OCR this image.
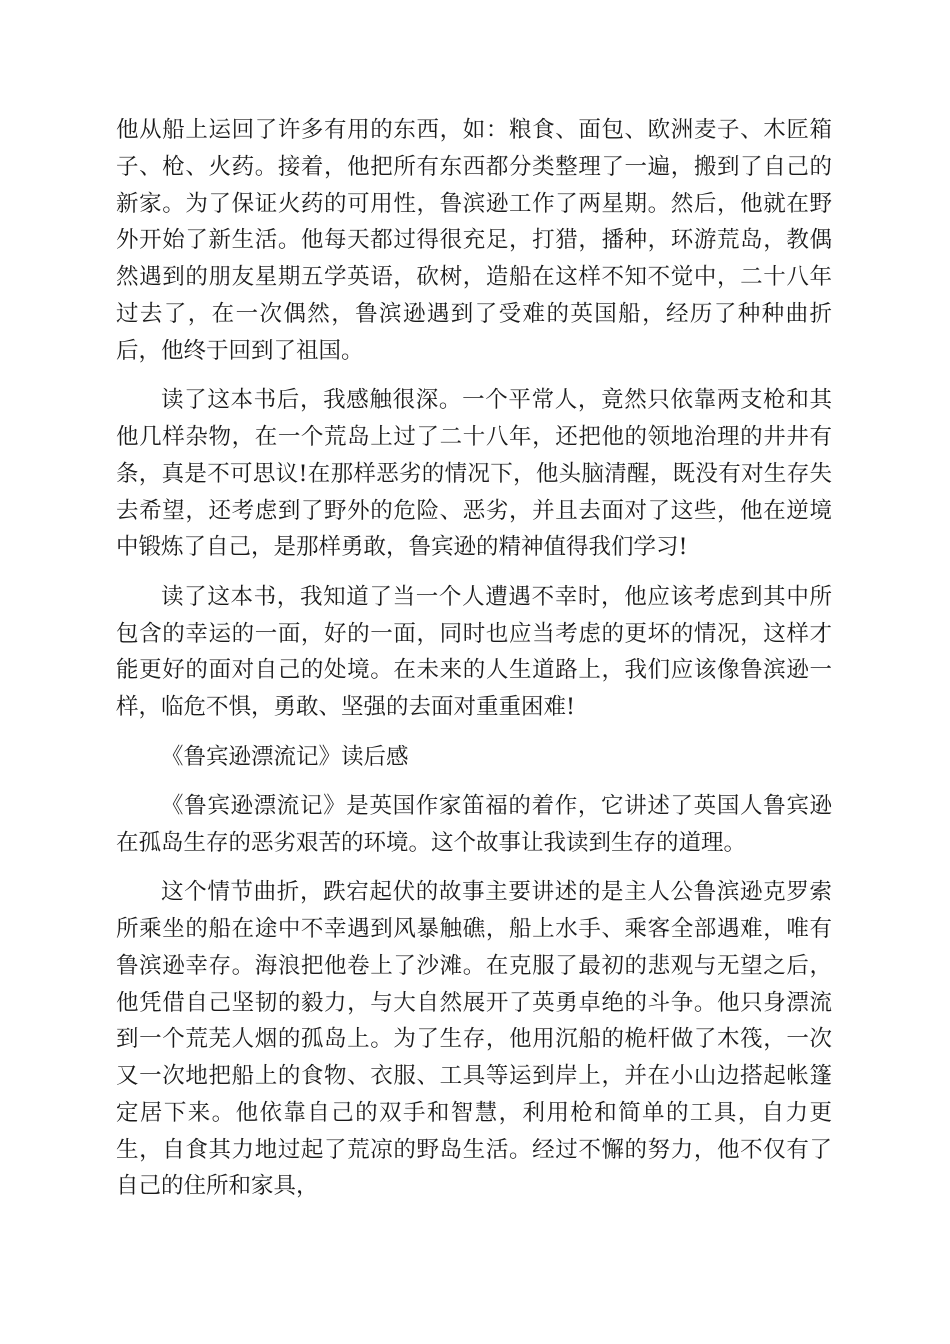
他从船上运回了许多有用的东西，如：粮食、面包、欧洲麦子、木匠箱子、枪、火药。接着，他把所有东西都分类整理了一遍，搬到了自己的新家。为了保证火药的可用性，鲁滨逊工作了两星期。然后，他就在野外开始了新生活。他每天都过得很充足，打猎，播种，环游荒岛，教偶然遇到的朋友星期五学英语，砍树，造船在这样不知不觉中，二十八年过去了，在一次偶然，鲁滨逊遇到了受难的英国船，经历了种种曲折后，他终于回到了祖国。

读了这本书后，我感触很深。一个平常人，竟然只依靠两支枪和其他几样杂物，在一个荒岛上过了二十八年，还把他的领地治理的井井有条，真是不可思议!在那样恶劣的情况下，他头脑清醒，既没有对生存失去希望，还考虑到了野外的危险、恶劣，并且去面对了这些，他在逆境中锻炼了自己，是那样勇敢，鲁宾逊的精神值得我们学习!

读了这本书，我知道了当一个人遭遇不幸时，他应该考虑到其中所包含的幸运的一面，好的一面，同时也应当考虑的更坏的情况，这样才能更好的面对自己的处境。在未来的人生道路上，我们应该像鲁滨逊一样，临危不惧，勇敢、坚强的去面对重重困难!

《鲁宾逊漂流记》读后感

《鲁宾逊漂流记》是英国作家笛福的着作，它讲述了英国人鲁宾逊在孤岛生存的恶劣艰苦的环境。这个故事让我读到生存的道理。

这个情节曲折，跌宕起伏的故事主要讲述的是主人公鲁滨逊克罗索所乘坐的船在途中不幸遇到风暴触礁，船上水手、乘客全部遇难，唯有鲁滨逊幸存。海浪把他卷上了沙滩。在克服了最初的悲观与无望之后，他凭借自己坚韧的毅力，与大自然展开了英勇卓绝的斗争。他只身漂流到一个荒芜人烟的孤岛上。为了生存，他用沉船的桅杆做了木筏，一次又一次地把船上的食物、衣服、工具等运到岸上，并在小山边搭起帐篷定居下来。他依靠自己的双手和智慧，利用枪和简单的工具，自力更生，自食其力地过起了荒凉的野岛生活。经过不懈的努力，他不仅有了自己的住所和家具，
